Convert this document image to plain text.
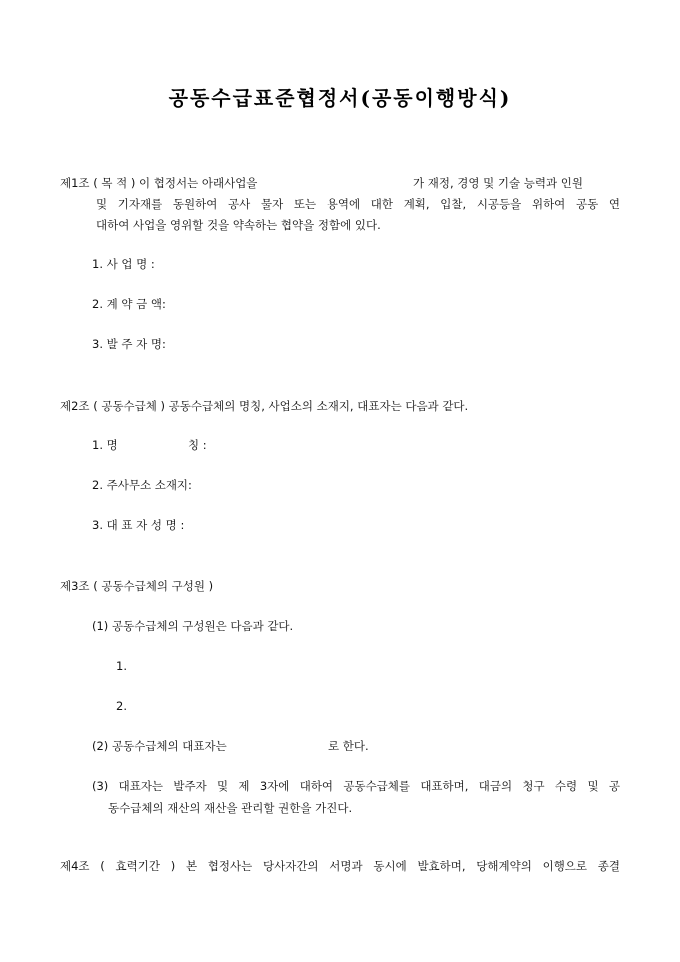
공동수급표준협정서(공동이행방식)
제1조 ( 목 적 ) 이 협정서는 아래사업을	가 재정, 경영 및 기술 능력과 인원
및 기자재를 동원하여 공사 물자 또는 용역에 대한 계획, 입찰, 시공등을 위하여 공동 연
대하여 사업을 영위할 것을 약속하는 협약을 정함에 있다.
1. 사 업 명 :
2. 계 약 금 액:
3. 발 주 자 명:
제2조 ( 공동수급체 ) 공동수급체의 명칭, 사업소의 소재지, 대표자는 다음과 같다.
1. 명	칭 :
2. 주사무소 소재지:
3. 대 표 자 성 명 :
제3조 ( 공동수급체의 구성원 )
(1) 공동수급체의 구성원은 다음과 같다.
1.
2.
(2) 공동수급체의 대표자는	로 한다.
(3) 대표자는 발주자 및 제 3자에 대하여 공동수급체를 대표하며, 대금의 청구 수령 및 공
동수급체의 재산의 재산을 관리할 권한을 가진다.
제4조 ( 효력기간 ) 본 협정사는 당사자간의 서명과 동시에 발효하며, 당해계약의 이행으로 종결
